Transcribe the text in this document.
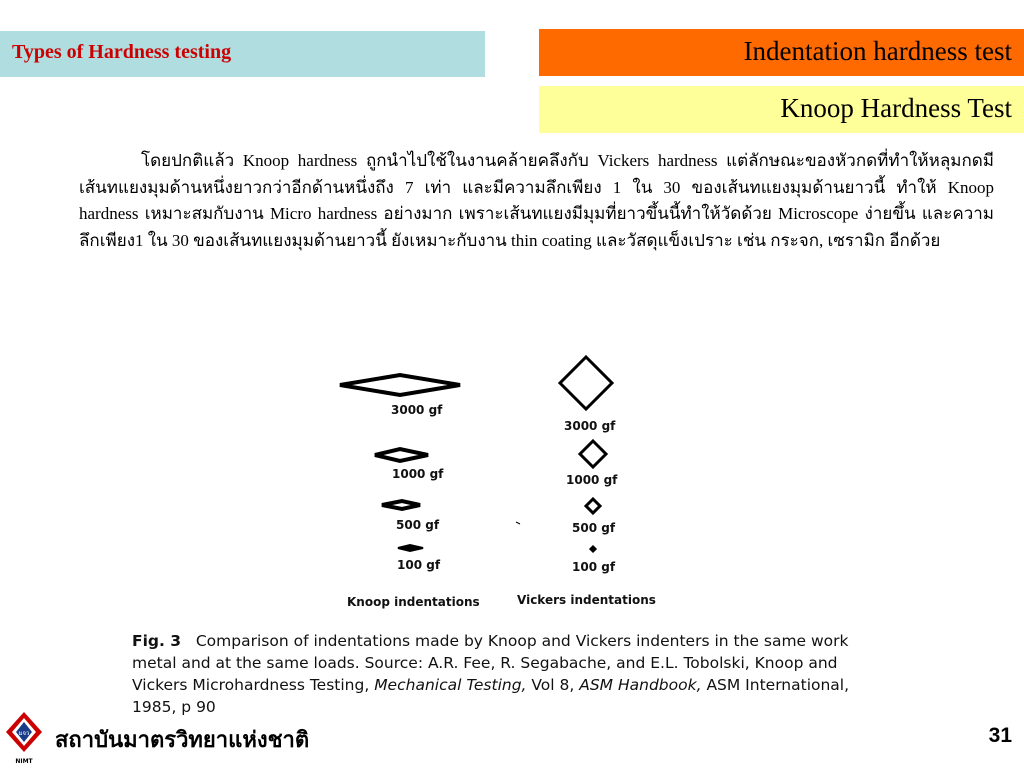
Types of Hardness testing	Indentation hardness test
Knoop Hardness Test
โดยปกติแล้ว Knoop hardness ถูกนำไปใช้ในงานคล้ายคลึงกับ Vickers hardness แต่ลักษณะของหัวกดที่ทำให้หลุมกดมีเส้นทแยงมุมด้านหนึ่งยาวกว่าอีกด้านหนึ่งถึง 7 เท่า และมีความลึกเพียง 1 ใน 30 ของเส้นทแยงมุมด้านยาวนี้ ทำให้ Knoop hardness เหมาะสมกับงาน Micro hardness อย่างมาก เพราะเส้นทแยงมีมุมที่ยาวขึ้นนี้ทำให้วัดด้วย Microscope ง่ายขึ้น และความลึกเพียง1 ใน 30 ของเส้นทแยงมุมด้านยาวนี้ ยังเหมาะกับงาน thin coating และวัสดุแข็งเปราะ เช่น กระจก, เซรามิก อีกด้วย
3000 gf
1000 gf
500 gf
100 gf
3000 gf
1000 gf
500 gf
100 gf
Knoop indentations	Vickers indentations
Fig. 3 Comparison of indentations made by Knoop and Vickers indenters in the same work metal and at the same loads. Source: A.R. Fee, R. Segabache, and E.L. Tobolski, Knoop and Vickers Microhardness Testing, Mechanical Testing, Vol 8, ASM Handbook, ASM International, 1985, p 90
มจว
NIMT
สถาบันมาตรวิทยาแห่งชาติ	31
